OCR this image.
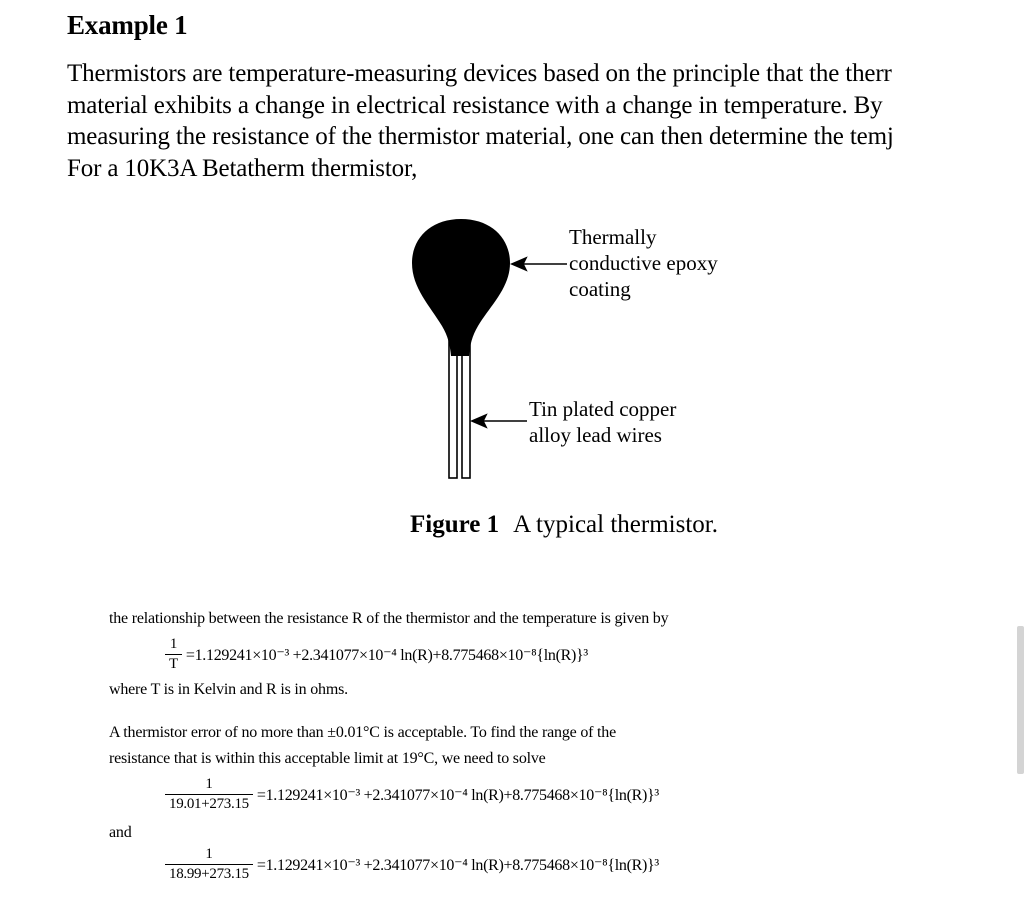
Example 1

Thermistors are temperature-measuring devices based on the principle that the therr
material exhibits a change in electrical resistance with a change in temperature. By
measuring the resistance of the thermistor material, one can then determine the temj
For a 10K3A Betatherm thermistor,

Thermally
conductive epoxy
coating
Tin plated copper
alloy lead wires
Figure 1 A typical thermistor.
the relationship between the resistance R of the thermistor and the temperature is given by
$\frac{1}{T} =1.129241\times 10^{-3} +2.341077\times 10^{-4}$ ln(R)+8.775468×10⁻⁸{ln(R)}³
where T is in Kelvin and R is in ohms.
A thermistor error of no more than ±0.01°C is acceptable. To find the range of the
resistance that is within this acceptable limit at 19°C, we need to solve
$\frac{1}{19.01+273.15} =1.129241\times 10^{-3} +2.341077\times 10^{-4}$ ln(R)+8.775468×10⁻⁸{ln(R)}³
and
$\frac{1}{18.99+273.15} =1.129241\times 10^{-3} +2.341077\times 10^{-4}$ ln(R)+8.775468×10⁻⁸{ln(R)}³
